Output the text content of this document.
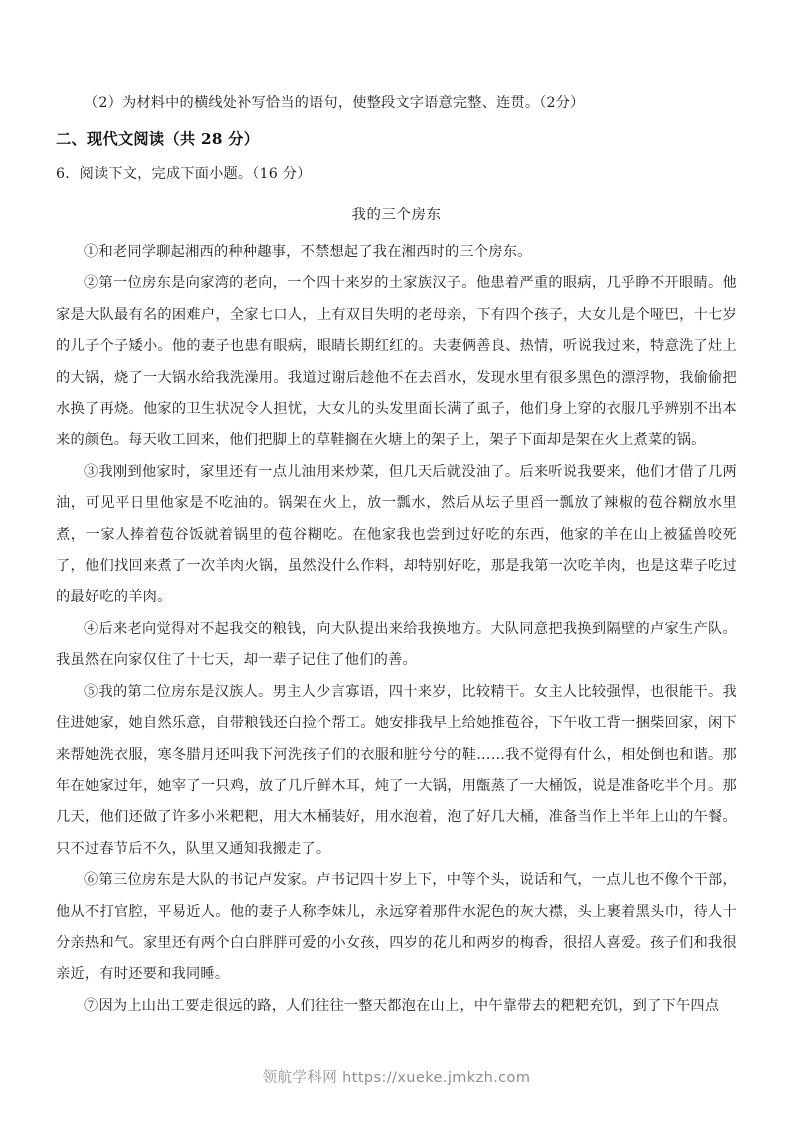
（2）为材料中的横线处补写恰当的语句，使整段文字语意完整、连贯。（2分）
二、现代文阅读（共 28 分）
6．阅读下文，完成下面小题。（16 分）
我的三个房东

①和老同学聊起湘西的种种趣事，不禁想起了我在湘西时的三个房东。

②第一位房东是向家湾的老向，一个四十来岁的土家族汉子。他患着严重的眼病，几乎睁不开眼睛。他家是大队最有名的困难户，全家七口人，上有双目失明的老母亲，下有四个孩子，大女儿是个哑巴，十七岁的儿子个子矮小。他的妻子也患有眼病，眼睛长期红红的。夫妻俩善良、热情，听说我过来，特意洗了灶上的大锅，烧了一大锅水给我洗澡用。我道过谢后趁他不在去舀水，发现水里有很多黑色的漂浮物，我偷偷把水换了再烧。他家的卫生状况令人担忧，大女儿的头发里面长满了虱子，他们身上穿的衣服几乎辨别不出本来的颜色。每天收工回来，他们把脚上的草鞋搁在火塘上的架子上，架子下面却是架在火上煮菜的锅。

③我刚到他家时，家里还有一点儿油用来炒菜，但几天后就没油了。后来听说我要来，他们才借了几两油，可见平日里他家是不吃油的。锅架在火上，放一瓢水，然后从坛子里舀一瓢放了辣椒的苞谷糊放水里煮，一家人捧着苞谷饭就着锅里的苞谷糊吃。在他家我也尝到过好吃的东西，他家的羊在山上被猛兽咬死了，他们找回来煮了一次羊肉火锅，虽然没什么作料，却特别好吃，那是我第一次吃羊肉，也是这辈子吃过的最好吃的羊肉。

④后来老向觉得对不起我交的粮钱，向大队提出来给我换地方。大队同意把我换到隔壁的卢家生产队。我虽然在向家仅住了十七天，却一辈子记住了他们的善。

⑤我的第二位房东是汉族人。男主人少言寡语，四十来岁，比较精干。女主人比较强悍，也很能干。我住进她家，她自然乐意，自带粮钱还白捡个帮工。她安排我早上给她推苞谷，下午收工背一捆柴回家，闲下来帮她洗衣服，寒冬腊月还叫我下河洗孩子们的衣服和脏兮兮的鞋……我不觉得有什么，相处倒也和谐。那年在她家过年，她宰了一只鸡，放了几斤鲜木耳，炖了一大锅，用甑蒸了一大桶饭，说是准备吃半个月。那几天，他们还做了许多小米粑粑，用大木桶装好，用水泡着，泡了好几大桶，准备当作上半年上山的午餐。只不过春节后不久，队里又通知我搬走了。

⑥第三位房东是大队的书记卢发家。卢书记四十岁上下，中等个头，说话和气，一点儿也不像个干部，他从不打官腔，平易近人。他的妻子人称李妹儿，永远穿着那件水泥色的灰大襟，头上裹着黑头巾，待人十分亲热和气。家里还有两个白白胖胖可爱的小女孩，四岁的花儿和两岁的梅香，很招人喜爱。孩子们和我很亲近，有时还要和我同睡。

⑦因为上山出工要走很远的路，人们往往一整天都泡在山上，中午靠带去的粑粑充饥，到了下午四点

领航学科网 https://xueke.jmkzh.com
